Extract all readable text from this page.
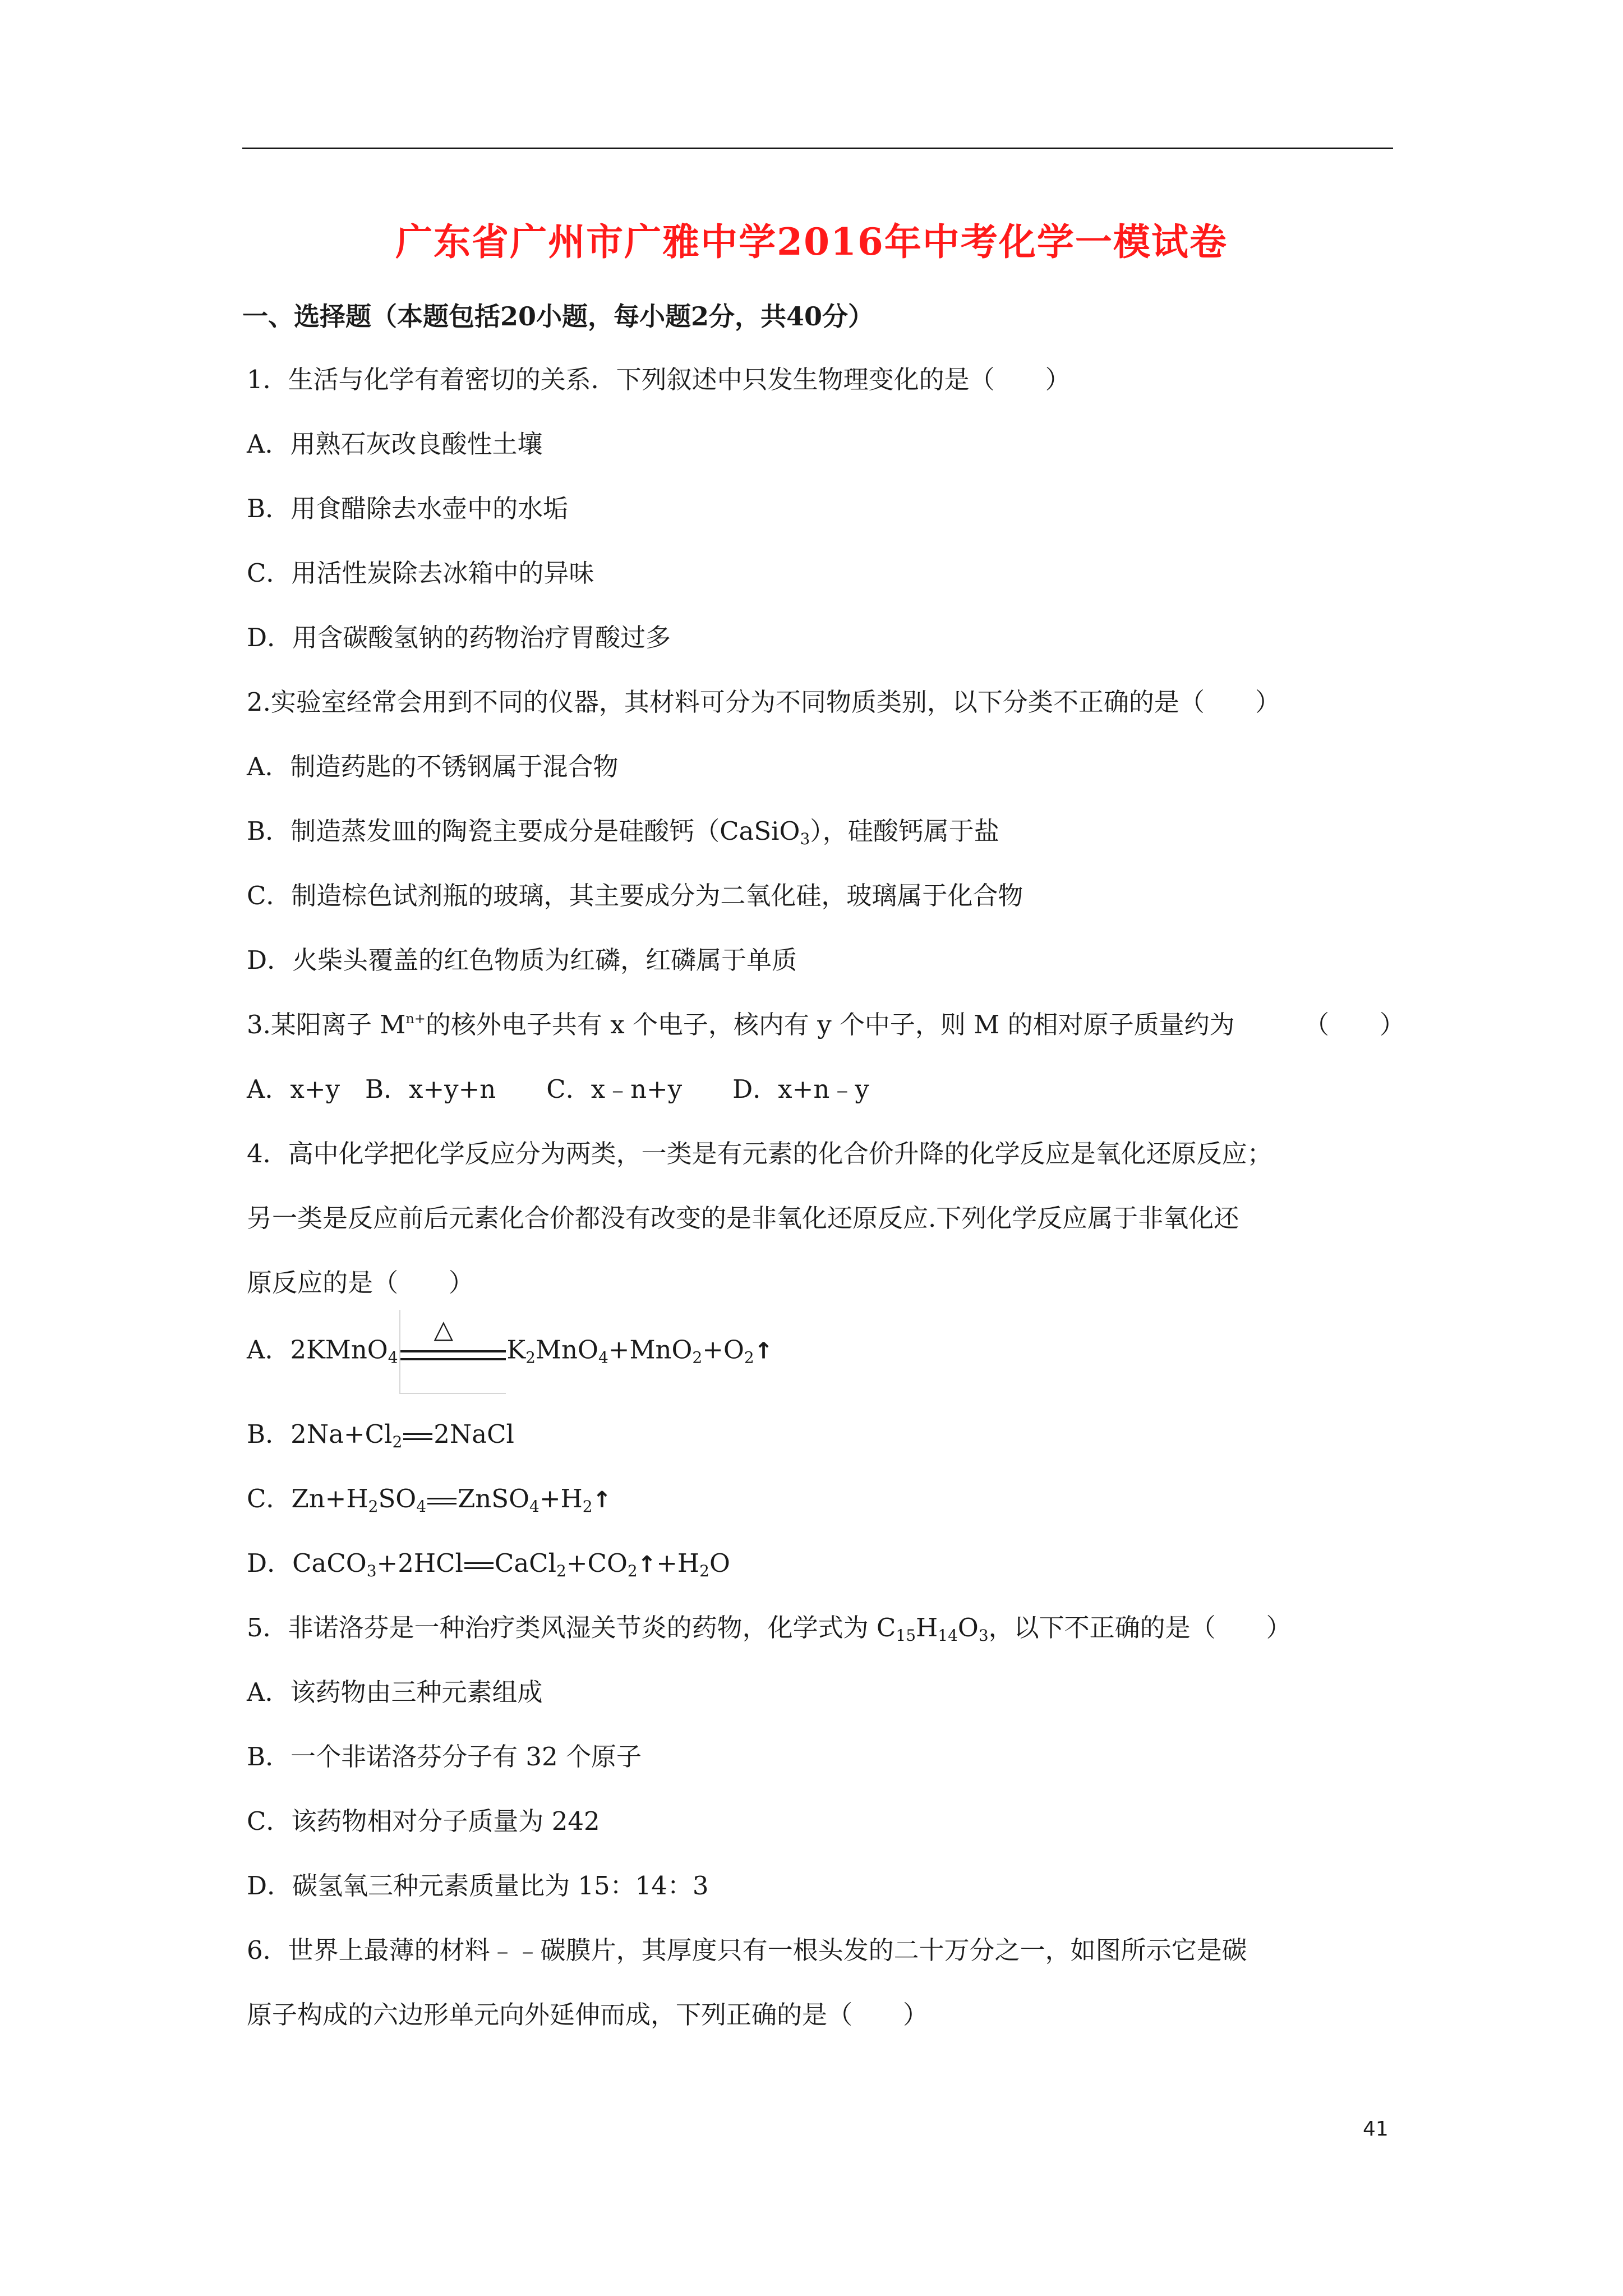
广东省广州市广雅中学2016年中考化学一模试卷
一、选择题（本题包括20小题，每小题2分，共40分）
1．生活与化学有着密切的关系．下列叙述中只发生物理变化的是（　　）
A．用熟石灰改良酸性土壤
B．用食醋除去水壶中的水垢
C．用活性炭除去冰箱中的异味
D．用含碳酸氢钠的药物治疗胃酸过多
2.实验室经常会用到不同的仪器，其材料可分为不同物质类别，以下分类不正确的是（　　）
A．制造药匙的不锈钢属于混合物
B．制造蒸发皿的陶瓷主要成分是硅酸钙（CaSiO$_3$），硅酸钙属于盐
C．制造棕色试剂瓶的玻璃，其主要成分为二氧化硅，玻璃属于化合物
D．火柴头覆盖的红色物质为红磷，红磷属于单质
3.某阳离子 $M^{n+}$的核外电子共有 x 个电子，核内有 y 个中子，则 M 的相对原子质量约为	（　　）
A．x+y　B．x+y+n　　C．x﹣n+y　　D．x+n﹣y
4．高中化学把化学反应分为两类，一类是有元素的化合价升降的化学反应是氧化还原反应；
另一类是反应前后元素化合价都没有改变的是非氧化还原反应.下列化学反应属于非氧化还
原反应的是（　　）
A．2KMnO$_4$
△
$K_2MnO_4+MnO_2+O_2↑$
B．$2Na+Cl_2$ 2NaCl
C．$Zn+H_2SO_4$ $ZnSO_4+H_2↑$
D．CaCO$_3$+2HCl $CaCl_2+CO_2↑+H_2O$
5．非诺洛芬是一种治疗类风湿关节炎的药物，化学式为 $C_{15}H_{14}O_3$，以下不正确的是（　　）
A．该药物由三种元素组成
B．一个非诺洛芬分子有 32 个原子
C．该药物相对分子质量为 242
D．碳氢氧三种元素质量比为 15：14：3
6．世界上最薄的材料﹣﹣碳膜片，其厚度只有一根头发的二十万分之一，如图所示它是碳
原子构成的六边形单元向外延伸而成，下列正确的是（　　）
41
